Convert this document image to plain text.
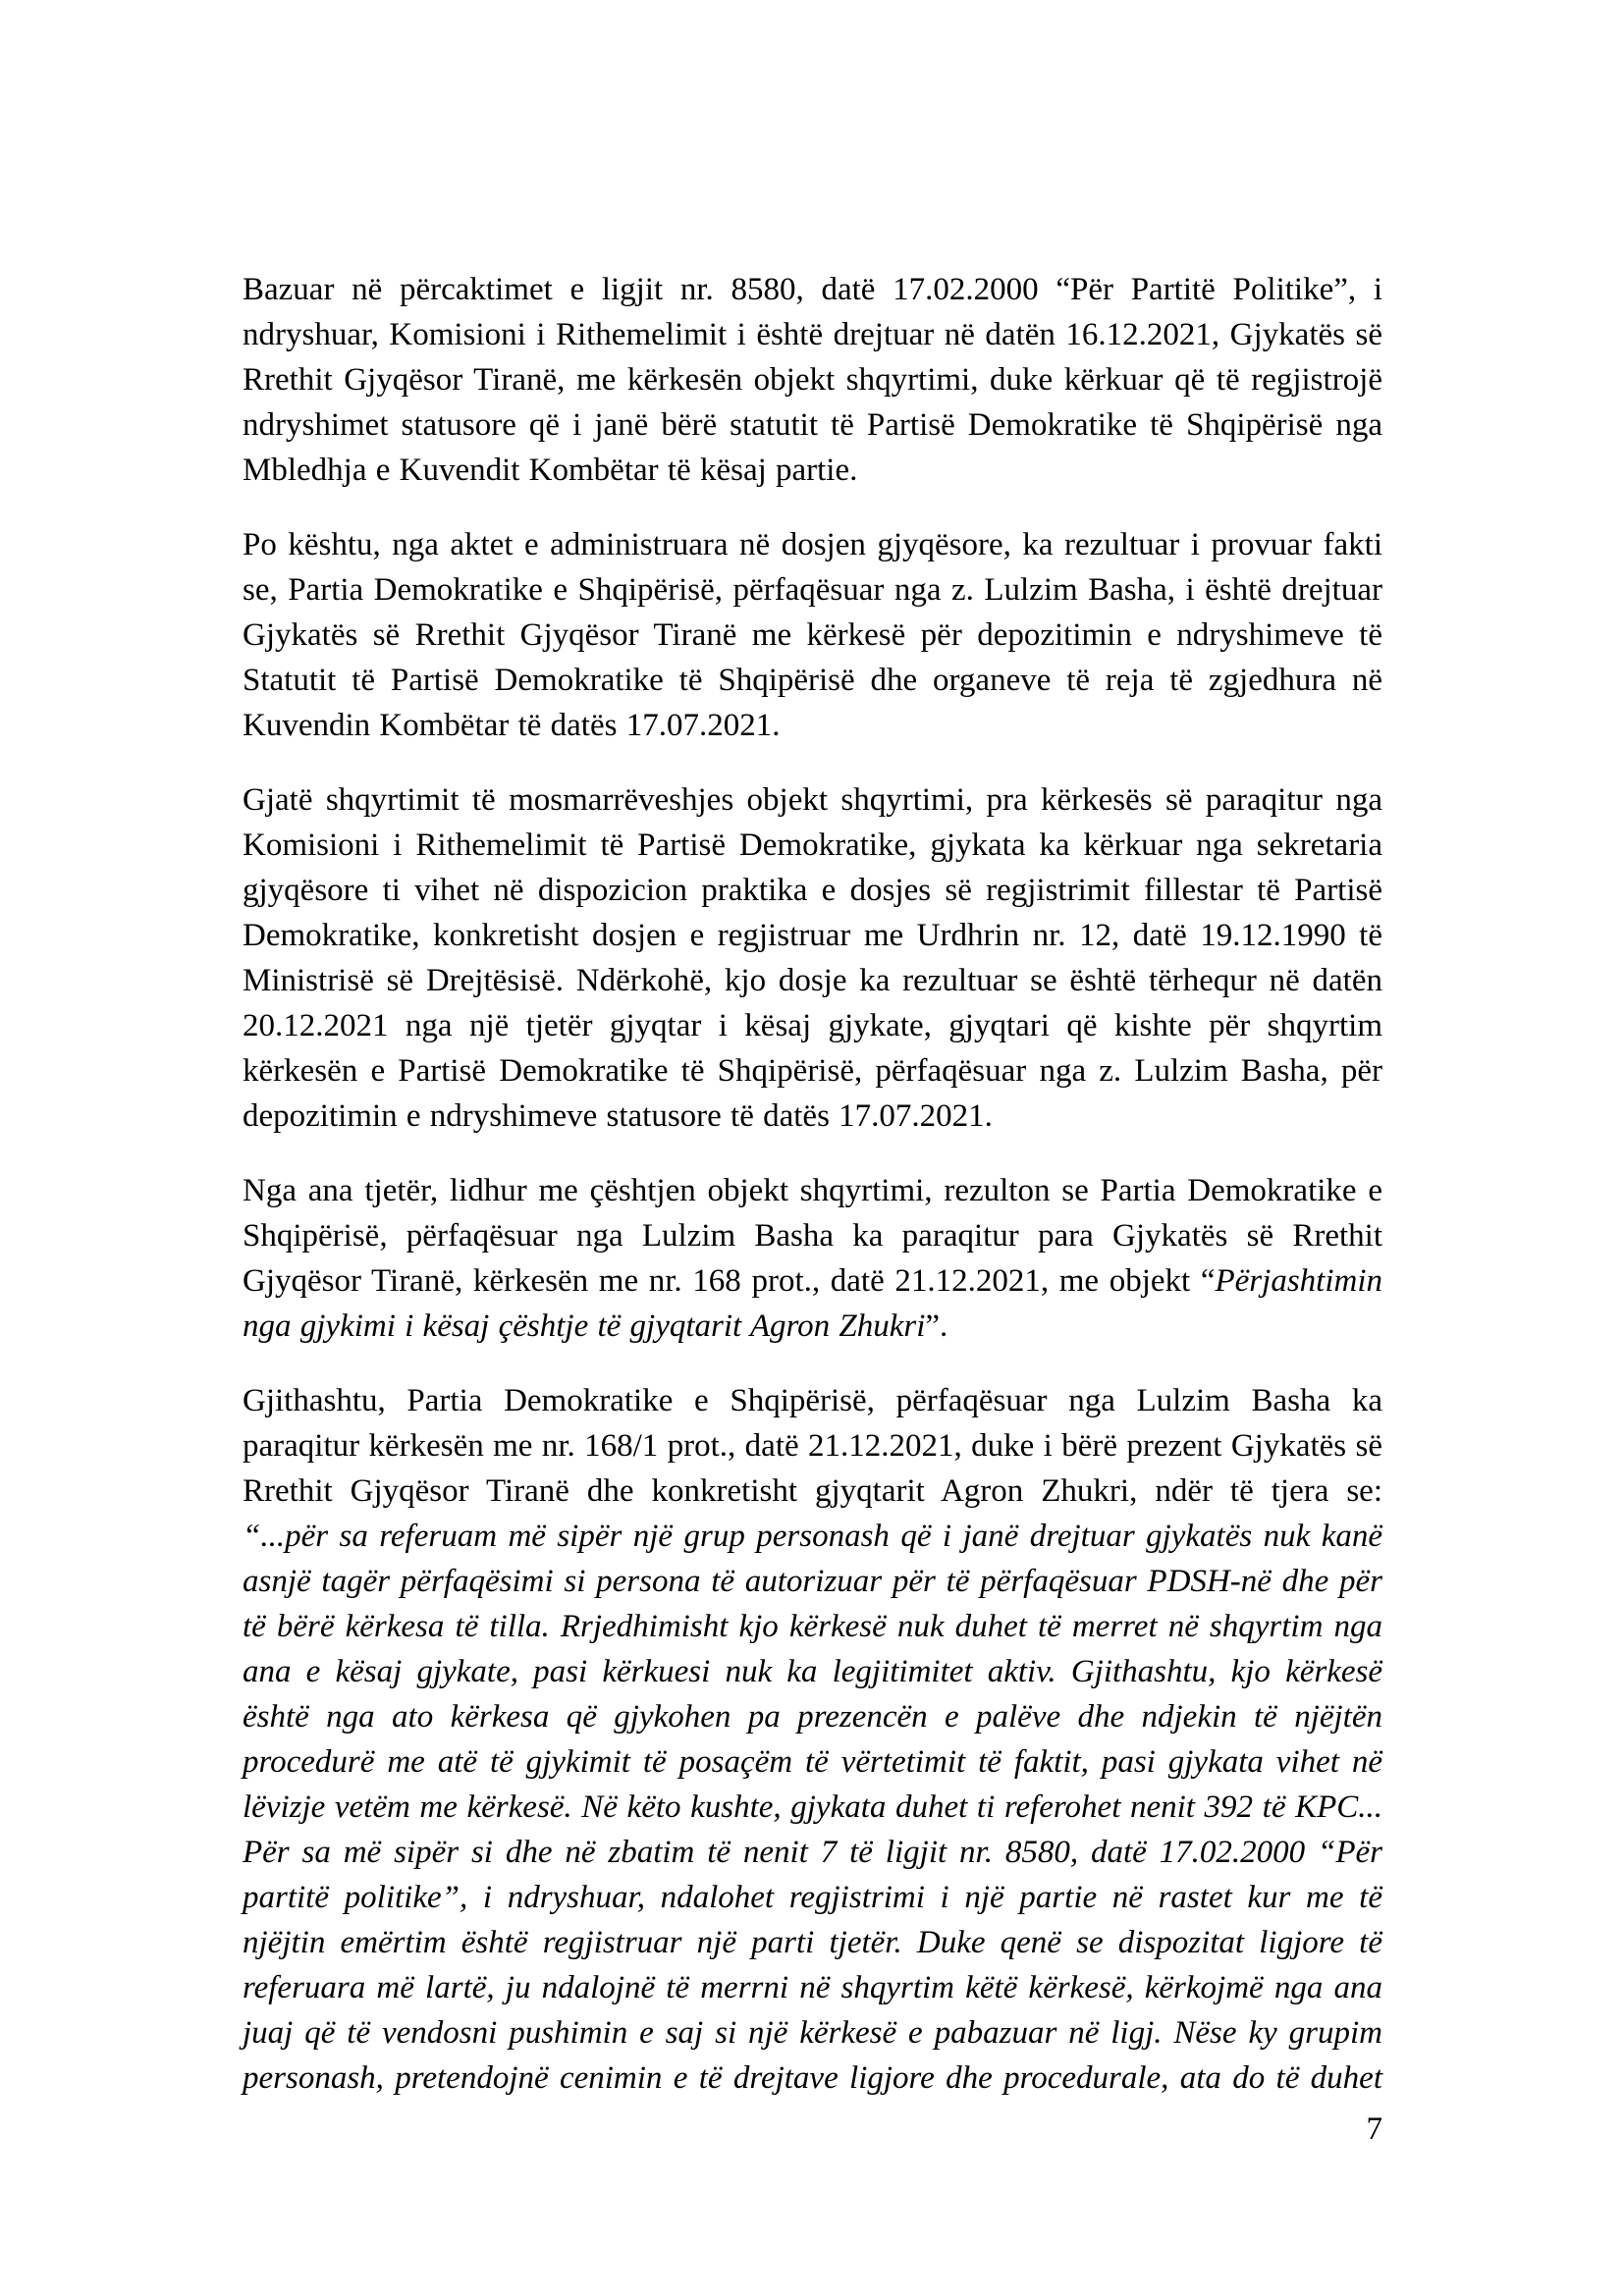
Bazuar në përcaktimet e ligjit nr. 8580, datë 17.02.2000 “Për Partitë Politike”, i ndryshuar, Komisioni i Rithemelimit i është drejtuar në datën 16.12.2021, Gjykatës së Rrethit Gjyqësor Tiranë, me kërkesën objekt shqyrtimi, duke kërkuar që të regjistrojë ndryshimet statusore që i janë bërë statutit të Partisë Demokratike të Shqipërisë nga Mbledhja e Kuvendit Kombëtar të kësaj partie.

Po kështu, nga aktet e administruara në dosjen gjyqësore, ka rezultuar i provuar fakti se, Partia Demokratike e Shqipërisë, përfaqësuar nga z. Lulzim Basha, i është drejtuar Gjykatës së Rrethit Gjyqësor Tiranë me kërkesë për depozitimin e ndryshimeve të Statutit të Partisë Demokratike të Shqipërisë dhe organeve të reja të zgjedhura në Kuvendin Kombëtar të datës 17.07.2021.

Gjatë shqyrtimit të mosmarrëveshjes objekt shqyrtimi, pra kërkesës së paraqitur nga Komisioni i Rithemelimit të Partisë Demokratike, gjykata ka kërkuar nga sekretaria gjyqësore ti vihet në dispozicion praktika e dosjes së regjistrimit fillestar të Partisë Demokratike, konkretisht dosjen e regjistruar me Urdhrin nr. 12, datë 19.12.1990 të Ministrisë së Drejtësisë. Ndërkohë, kjo dosje ka rezultuar se është tërhequr në datën 20.12.2021 nga një tjetër gjyqtar i kësaj gjykate, gjyqtari që kishte për shqyrtim kërkesën e Partisë Demokratike të Shqipërisë, përfaqësuar nga z. Lulzim Basha, për depozitimin e ndryshimeve statusore të datës 17.07.2021.

Nga ana tjetër, lidhur me çështjen objekt shqyrtimi, rezulton se Partia Demokratike e Shqipërisë, përfaqësuar nga Lulzim Basha ka paraqitur para Gjykatës së Rrethit Gjyqësor Tiranë, kërkesën me nr. 168 prot., datë 21.12.2021, me objekt “Përjashtimin nga gjykimi i kësaj çështje të gjyqtarit Agron Zhukri”.

Gjithashtu, Partia Demokratike e Shqipërisë, përfaqësuar nga Lulzim Basha ka paraqitur kërkesën me nr. 168/1 prot., datë 21.12.2021, duke i bërë prezent Gjykatës së Rrethit Gjyqësor Tiranë dhe konkretisht gjyqtarit Agron Zhukri, ndër të tjera se: “...për sa referuam më sipër një grup personash që i janë drejtuar gjykatës nuk kanë asnjë tagër përfaqësimi si persona të autorizuar për të përfaqësuar PDSH-në dhe për të bërë kërkesa të tilla. Rrjedhimisht kjo kërkesë nuk duhet të merret në shqyrtim nga ana e kësaj gjykate, pasi kërkuesi nuk ka legjitimitet aktiv. Gjithashtu, kjo kërkesë është nga ato kërkesa që gjykohen pa prezencën e palëve dhe ndjekin të njëjtën procedurë me atë të gjykimit të posaçëm të vërtetimit të faktit, pasi gjykata vihet në lëvizje vetëm me kërkesë. Në këto kushte, gjykata duhet ti referohet nenit 392 të KPC... Për sa më sipër si dhe në zbatim të nenit 7 të ligjit nr. 8580, datë 17.02.2000 “Për partitë politike”, i ndryshuar, ndalohet regjistrimi i një partie në rastet kur me të njëjtin emërtim është regjistruar një parti tjetër. Duke qenë se dispozitat ligjore të referuara më lartë, ju ndalojnë të merrni në shqyrtim këtë kërkesë, kërkojmë nga ana juaj që të vendosni pushimin e saj si një kërkesë e pabazuar në ligj. Nëse ky grupim personash, pretendojnë cenimin e të drejtave ligjore dhe procedurale, ata do të duhet

7
